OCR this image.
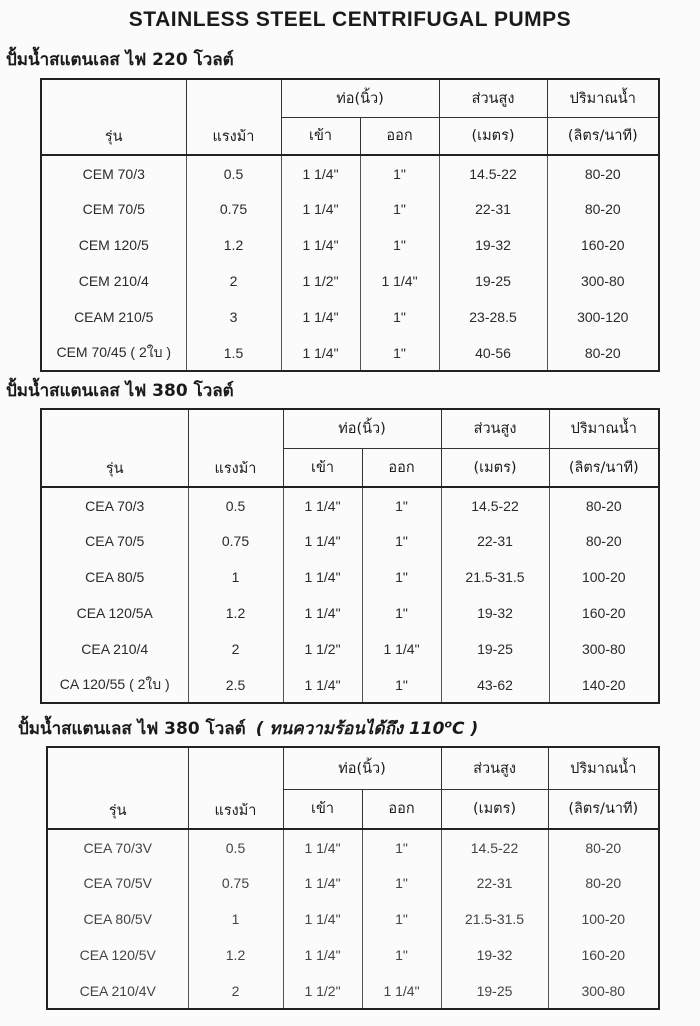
STAINLESS STEEL CENTRIFUGAL PUMPS
ปั้มน้ำสแตนเลส ไฟ 220 โวลต์
รุ่น	แรงม้า	ท่อ(นิ้ว)		ส่วนสูง	ปริมาณน้ำ
		เข้า	ออก	(เมตร)	(ลิตร/นาที)
CEM 70/3	0.5	1 1/4"	1"	14.5-22	80-20
CEM 70/5	0.75	1 1/4"	1"	22-31	80-20
CEM 120/5	1.2	1 1/4"	1"	19-32	160-20
CEM 210/4	2	1 1/2"	1 1/4"	19-25	300-80
CEAM 210/5	3	1 1/4"	1"	23-28.5	300-120
CEM 70/45 ( 2ใบ )	1.5	1 1/4"	1"	40-56	80-20
ปั้มน้ำสแตนเลส ไฟ 380 โวลต์
รุ่น	แรงม้า	ท่อ(นิ้ว)		ส่วนสูง	ปริมาณน้ำ
		เข้า	ออก	(เมตร)	(ลิตร/นาที)
CEA 70/3	0.5	1 1/4"	1"	14.5-22	80-20
CEA 70/5	0.75	1 1/4"	1"	22-31	80-20
CEA 80/5	1	1 1/4"	1"	21.5-31.5	100-20
CEA 120/5A	1.2	1 1/4"	1"	19-32	160-20
CEA 210/4	2	1 1/2"	1 1/4"	19-25	300-80
CA 120/55 ( 2ใบ )	2.5	1 1/4"	1"	43-62	140-20
ปั้มน้ำสแตนเลส ไฟ 380 โวลต์ ( ทนความร้อนได้ถึง 110$^o$C )
รุ่น	แรงม้า	ท่อ(นิ้ว)		ส่วนสูง	ปริมาณน้ำ
		เข้า	ออก	(เมตร)	(ลิตร/นาที)
CEA 70/3V	0.5	1 1/4"	1"	14.5-22	80-20
CEA 70/5V	0.75	1 1/4"	1"	22-31	80-20
CEA 80/5V	1	1 1/4"	1"	21.5-31.5	100-20
CEA 120/5V	1.2	1 1/4"	1"	19-32	160-20
CEA 210/4V	2	1 1/2"	1 1/4"	19-25	300-80
